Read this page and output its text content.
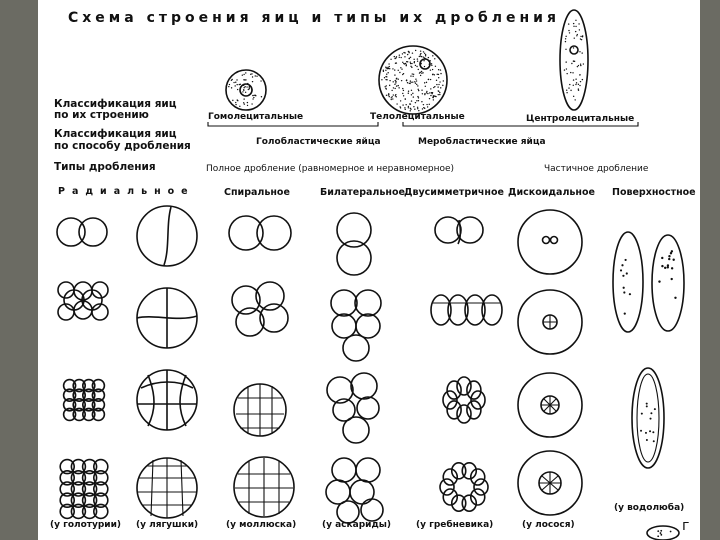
Схема строения яиц и типы их дробления
Классификация яиц
по их строению
Классификация яиц
по способу дробления
Типы дробления
Гомолецитальные	Телолецитальные	Центролецитальные
Голобластические яйца	Меробластические яйца
Полное дробление (равномерное и неравномерное)	Частичное дробление
Радиальное	Спиральное	Билатеральное Двусимметричное Дискоидальное Поверхностное
(у голотурии) (у лягушки)	(у моллюска)	(у аскариды)	(у гребневика)	(у лосося)
(у водолюба)
г
